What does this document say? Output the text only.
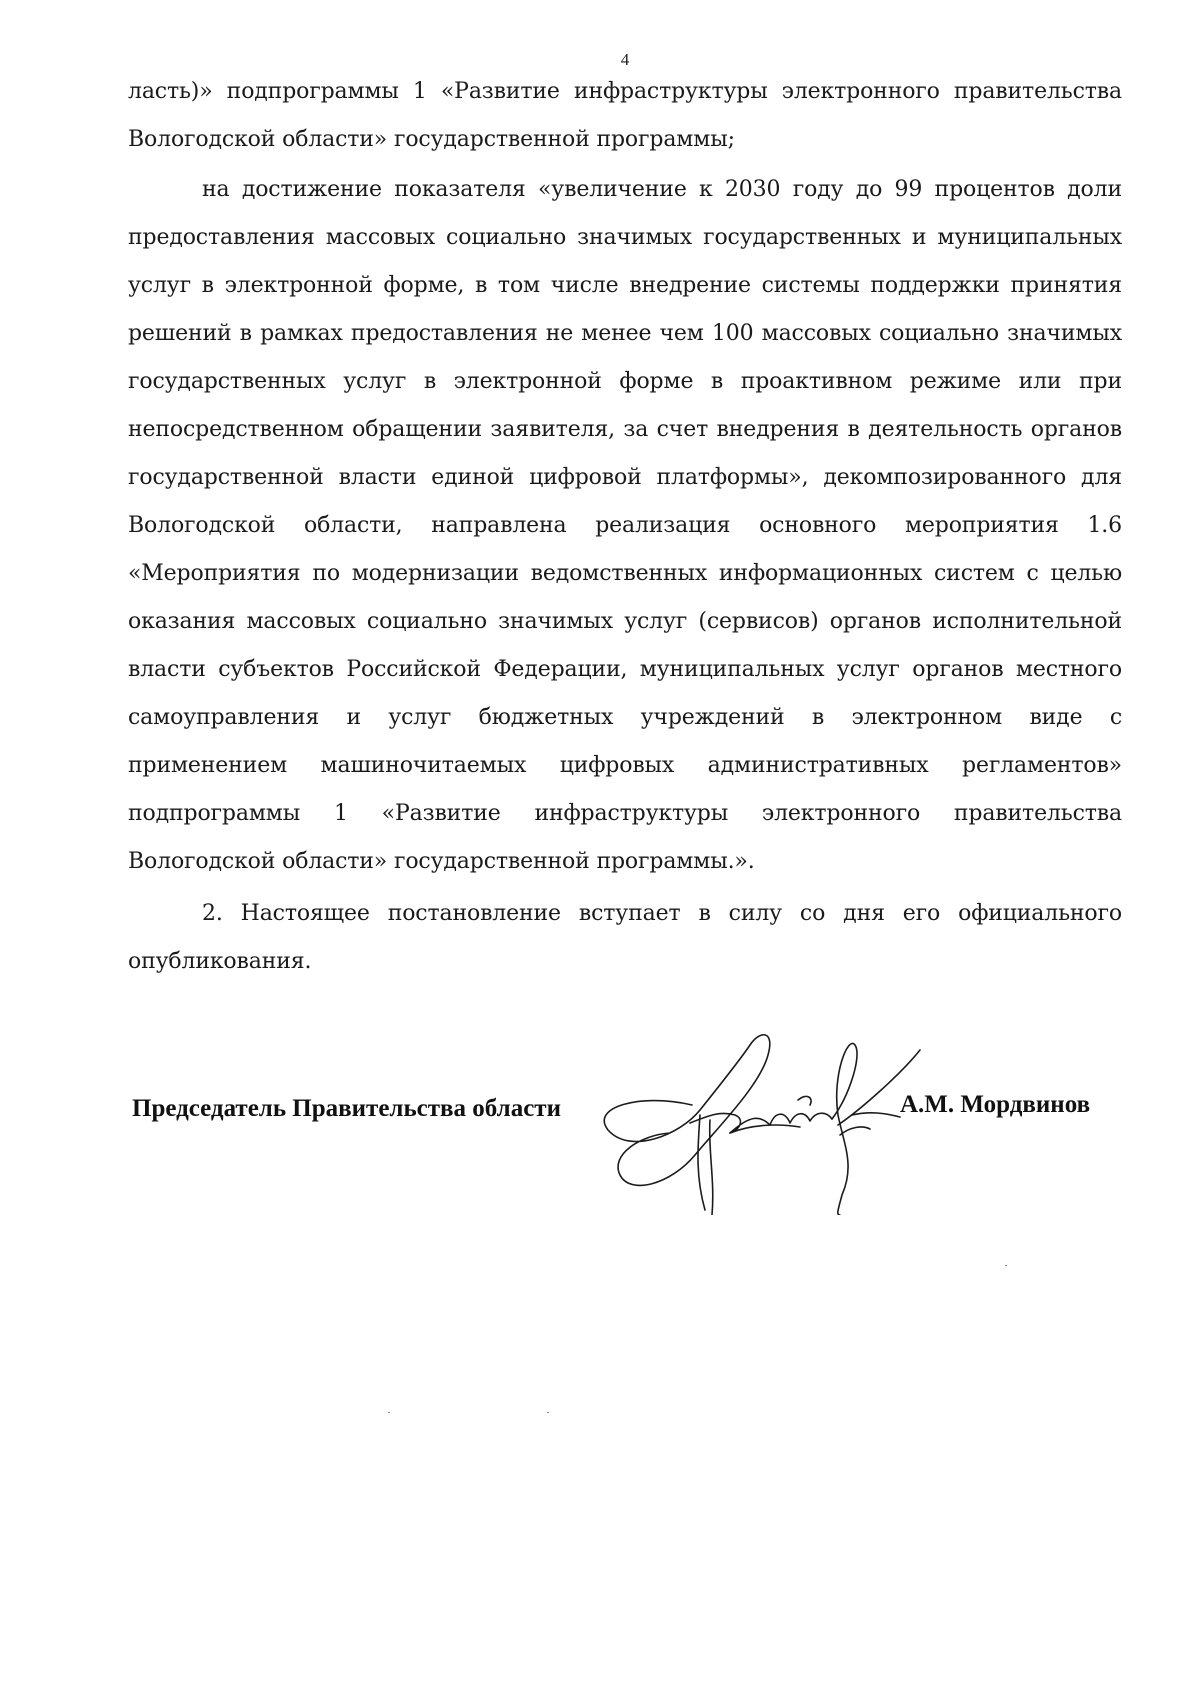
4

ласть)» подпрограммы 1 «Развитие инфраструктуры электронного правительства Вологодской области» государственной программы;

на достижение показателя «увеличение к 2030 году до 99 процентов доли предоставления массовых социально значимых государственных и муниципальных услуг в электронной форме, в том числе внедрение системы поддержки принятия решений в рамках предоставления не менее чем 100 массовых социально значимых государственных услуг в электронной форме в проактивном режиме или при непосредственном обращении заявителя, за счет внедрения в деятельность органов государственной власти единой цифровой платформы», декомпозированного для Вологодской области, направлена реализация основного мероприятия 1.6 «Мероприятия по модернизации ведомственных информационных систем с целью оказания массовых социально значимых услуг (сервисов) органов исполнительной власти субъектов Российской Федерации, муниципальных услуг органов местного самоуправления и услуг бюджетных учреждений в электронном виде с применением машиночитаемых цифровых административных регламентов» подпрограммы 1 «Развитие инфраструктуры электронного правительства Вологодской области» государственной программы.».

2. Настоящее постановление вступает в силу со дня его официального опубликования.

Председатель Правительства области	А.М. Мордвинов
